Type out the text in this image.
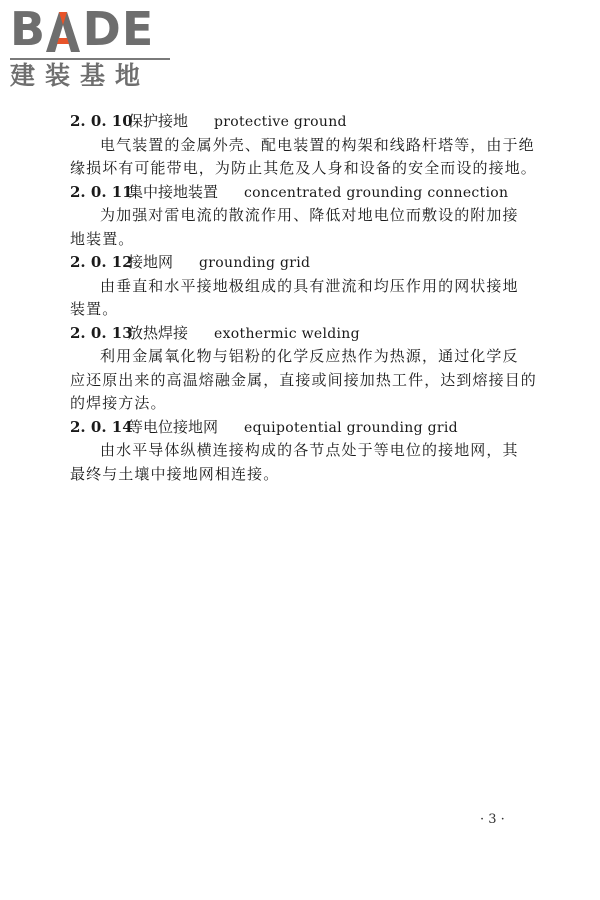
B DE
建装基地
2. 0. 10保护接地 protective ground
电气装置的金属外壳、配电装置的构架和线路杆塔等，由于绝
缘损坏有可能带电，为防止其危及人身和设备的安全而设的接地。
2. 0. 11集中接地装置 concentrated grounding connection
为加强对雷电流的散流作用、降低对地电位而敷设的附加接
地装置。
2. 0. 12接地网 grounding grid
由垂直和水平接地极组成的具有泄流和均压作用的网状接地
装置。
2. 0. 13放热焊接 exothermic welding
利用金属氧化物与铝粉的化学反应热作为热源，通过化学反
应还原出来的高温熔融金属，直接或间接加热工件，达到熔接目的
的焊接方法。
2. 0. 14等电位接地网 equipotential grounding grid
由水平导体纵横连接构成的各节点处于等电位的接地网，其
最终与土壤中接地网相连接。
· 3 ·
